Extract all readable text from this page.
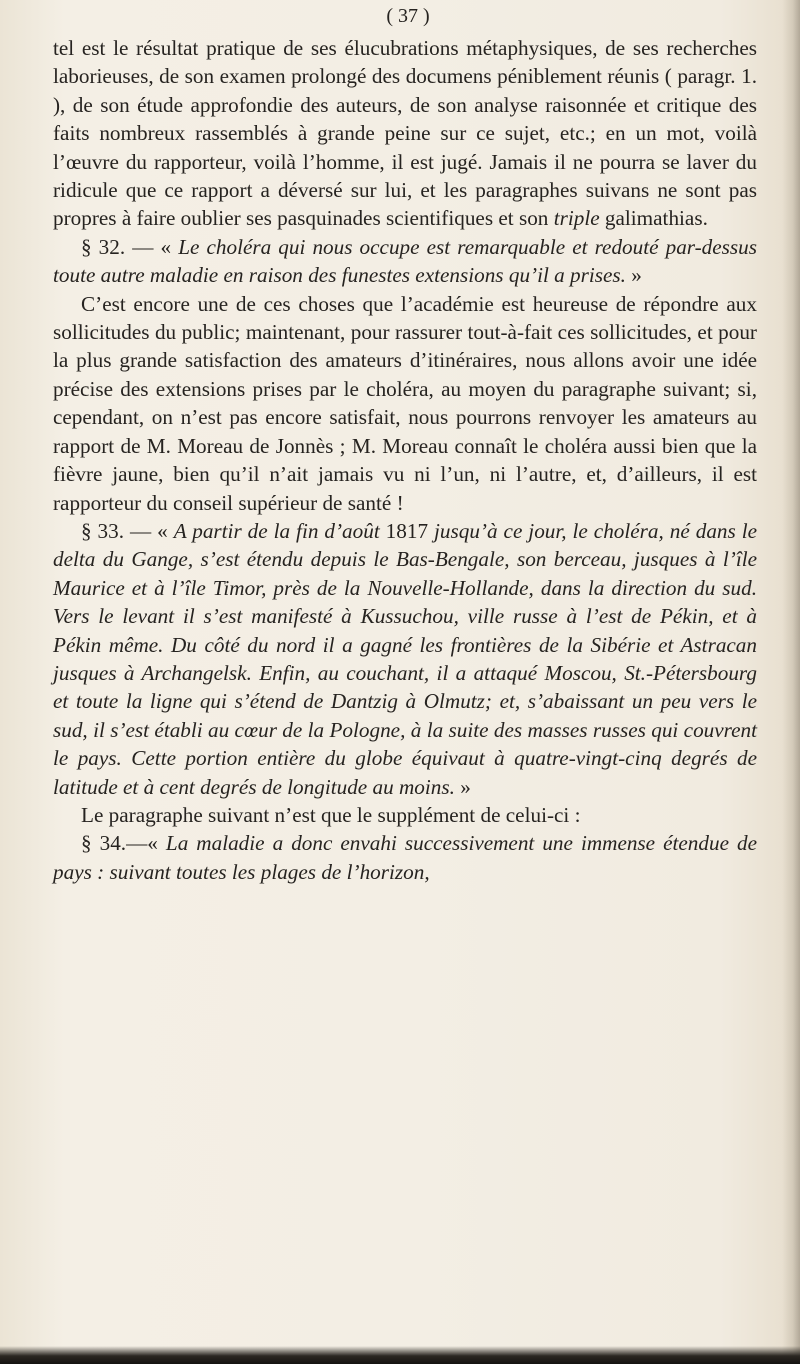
( 37 )

tel est le résultat pratique de ses élucubrations métaphysiques, de ses recherches laborieuses, de son examen prolongé des documens péniblement réunis ( paragr. 1. ), de son étude approfondie des auteurs, de son analyse raisonnée et critique des faits nombreux rassemblés à grande peine sur ce sujet, etc.; en un mot, voilà l’œuvre du rapporteur, voilà l’homme, il est jugé. Jamais il ne pourra se laver du ridicule que ce rapport a déversé sur lui, et les paragraphes suivans ne sont pas propres à faire oublier ses pasquinades scientifiques et son triple galimathias.

§ 32. — « Le choléra qui nous occupe est remarquable et redouté par-dessus toute autre maladie en raison des funestes extensions qu’il a prises. »

C’est encore une de ces choses que l’académie est heureuse de répondre aux sollicitudes du public; maintenant, pour rassurer tout-à-fait ces sollicitudes, et pour la plus grande satisfaction des amateurs d’itinéraires, nous allons avoir une idée précise des extensions prises par le choléra, au moyen du paragraphe suivant; si, cependant, on n’est pas encore satisfait, nous pourrons renvoyer les amateurs au rapport de M. Moreau de Jonnès ; M. Moreau connaît le choléra aussi bien que la fièvre jaune, bien qu’il n’ait jamais vu ni l’un, ni l’autre, et, d’ailleurs, il est rapporteur du conseil supérieur de santé !

§ 33. — « A partir de la fin d’août 1817 jusqu’à ce jour, le choléra, né dans le delta du Gange, s’est étendu depuis le Bas-Bengale, son berceau, jusques à l’île Maurice et à l’île Timor, près de la Nouvelle-Hollande, dans la direction du sud. Vers le levant il s’est manifesté à Kussuchou, ville russe à l’est de Pékin, et à Pékin même. Du côté du nord il a gagné les frontières de la Sibérie et Astracan jusques à Archangelsk. Enfin, au couchant, il a attaqué Moscou, St.-Pétersbourg et toute la ligne qui s’étend de Dantzig à Olmutz; et, s’abaissant un peu vers le sud, il s’est établi au cœur de la Pologne, à la suite des masses russes qui couvrent le pays. Cette portion entière du globe équivaut à quatre-vingt-cinq degrés de latitude et à cent degrés de longitude au moins. »

Le paragraphe suivant n’est que le supplément de celui-ci :

§ 34.—« La maladie a donc envahi successivement une immense étendue de pays : suivant toutes les plages de l’horizon,
